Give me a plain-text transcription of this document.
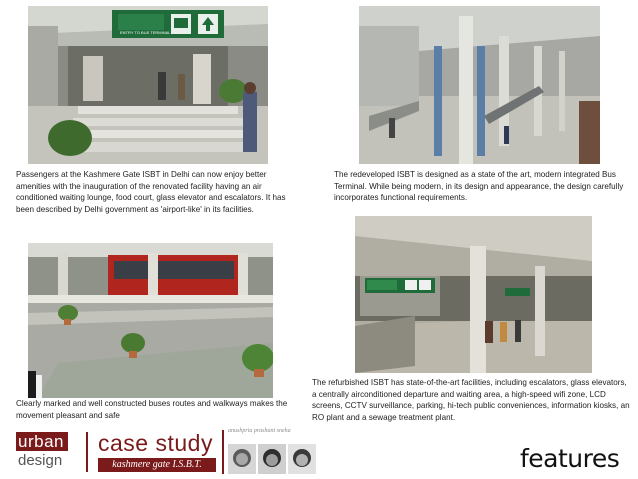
ENTRY TO BUS TERMINAL

Passengers at the Kashmere Gate ISBT in Delhi can now enjoy better amenities with the inauguration of the renovated facility having an air conditioned waiting lounge, food court, glass elevator and escalators. It has been described by Delhi government as 'airport-like' in its facilities.

The redeveloped ISBT is designed as a state of the art, modern integrated Bus Terminal. While being modern, in its design and appearance, the design carefully incorporates functional requirements.

Clearly marked and well constructed buses routes and walkways makes the movement pleasant and safe

The refurbished ISBT has state-of-the-art facilities, including escalators, glass elevators, a centrally airconditioned departure and waiting area, a high-speed wifi zone, LCD screens, CCTV surveillance, parking, hi-tech public conveniences, information kiosks, an RO plant and a sewage treatment plant.

urban
design
case study
kashmere gate I.S.B.T.
anushpria prashant sneha
features
